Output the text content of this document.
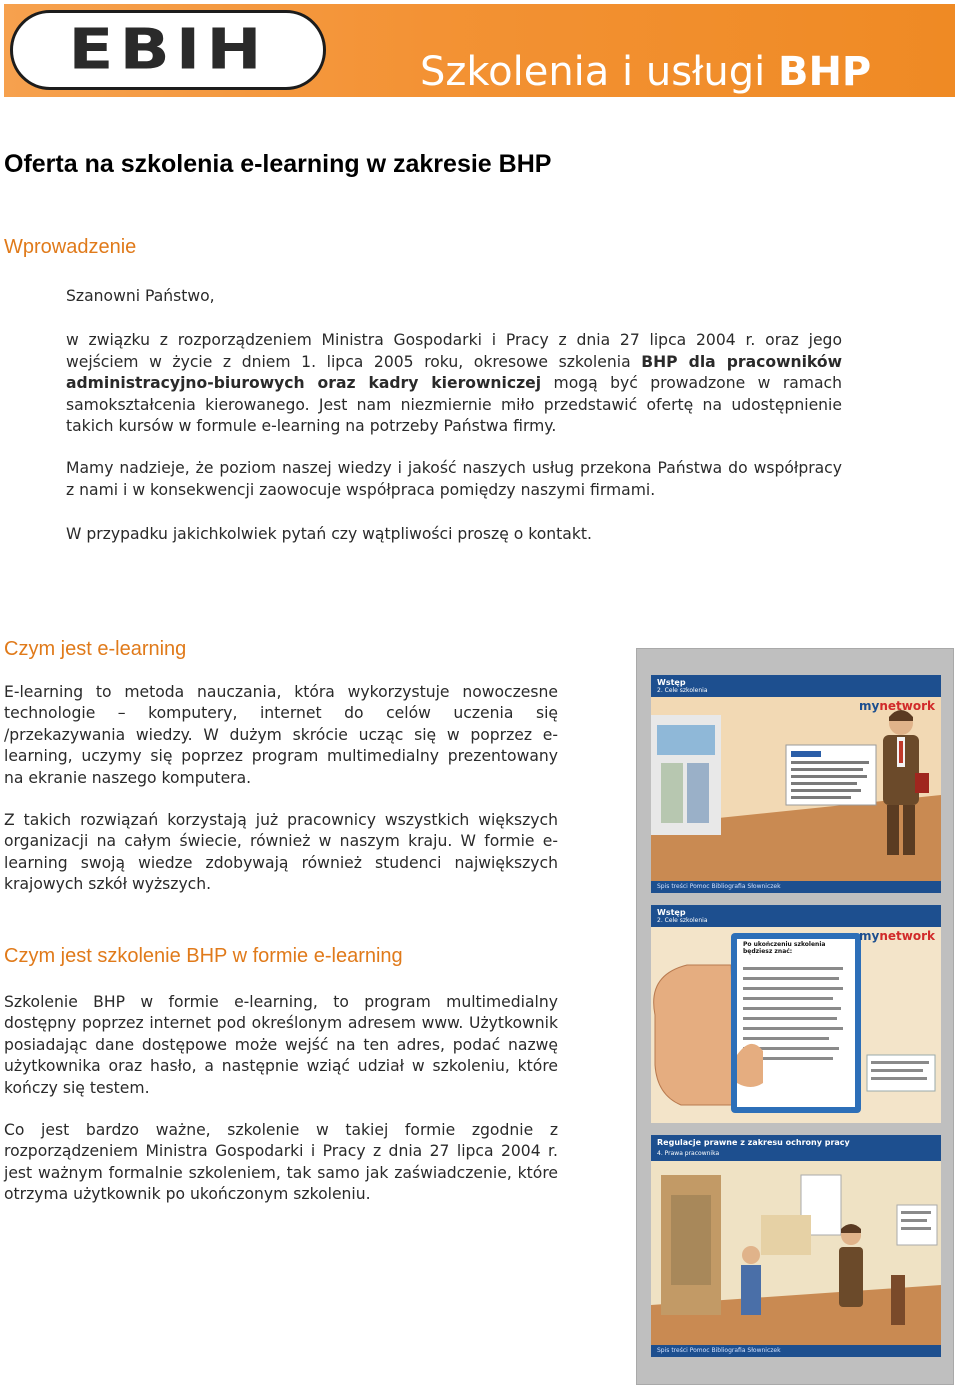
EBIH	Szkolenia i usługi BHP
Oferta na szkolenia e-learning w zakresie BHP
Wprowadzenie

Szanowni Państwo,

w związku z rozporządzeniem Ministra Gospodarki i Pracy z dnia 27 lipca 2004 r. oraz jego wejściem w życie z dniem 1. lipca 2005 roku, okresowe szkolenia BHP dla pracowników administracyjno-biurowych oraz kadry kierowniczej mogą być prowadzone w ramach samokształcenia kierowanego. Jest nam niezmiernie miło przedstawić ofertę na udostępnienie takich kursów w formule e-learning na potrzeby Państwa firmy.

Mamy nadzieje, że poziom naszej wiedzy i jakość naszych usług przekona Państwa do współpracy z nami i w konsekwencji zaowocuje współpraca pomiędzy naszymi firmami.

W przypadku jakichkolwiek pytań czy wątpliwości proszę o kontakt.

Czym jest e-learning

E-learning to metoda nauczania, która wykorzystuje nowoczesne technologie – komputery, internet do celów uczenia się /przekazywania wiedzy. W dużym skrócie ucząc się w poprzez e-learning, uczymy się poprzez program multimedialny prezentowany na ekranie naszego komputera.

Z takich rozwiązań korzystają już pracownicy wszystkich większych organizacji na całym świecie, również w naszym kraju. W formie e-learning swoją wiedze zdobywają również studenci największych krajowych szkół wyższych.

Czym jest szkolenie BHP w formie e-learning

Szkolenie BHP w formie e-learning, to program multimedialny dostępny poprzez internet pod określonym adresem www. Użytkownik posiadając dane dostępowe może wejść na ten adres, podać nazwę użytkownika oraz hasło, a następnie wziąć udział w szkoleniu, które kończy się testem.

Co jest bardzo ważne, szkolenie w takiej formie zgodnie z rozporządzeniem Ministra Gospodarki i Pracy z dnia 27 lipca 2004 r. jest ważnym formalnie szkoleniem, tak samo jak zaświadczenie, które otrzyma użytkownik po ukończonym szkoleniu.

Wstęp
2. Cele szkolenia
mynetwork
Spis treści Pomoc Bibliografia Słowniczek
Wstęp
2. Cele szkolenia
mynetwork
Po ukończeniu szkolenia będziesz znać:
Regulacje prawne z zakresu ochrony pracy
4. Prawa pracownika
Spis treści Pomoc Bibliografia Słowniczek
